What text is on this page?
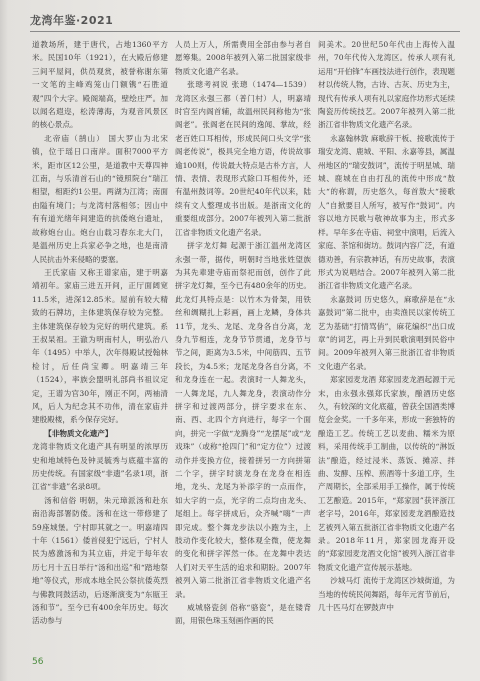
龙湾年鉴·2021

道教场所，建于唐代，占地1360平方米。民国10年（1921），在大殿后修建三间平屋间，供员观赏，被誉称谢东第一文笔的主峰鸡笼山门额镌“石胜道观”四个大字。殿阁端高，壁绘庄严。加以闻名遐迩，松涛薄海，为观音风景区的核心景点。

北帝庙（鹄山） 国大罗山为北宋镇，位于瑶日口南岸。面积7000平方米，距市区12公里，是道教中天尊四神江南，与乐清首石山的“镜照院台”瑞江相望，相距约1公里。两湖为江湾；南面由隘有境门；与龙湾村落相邻；因山中有有道光绪年间建造的抗倭炮台遗址，故称炮台山。炮台山载习春东北大门，是温州历史上兵家必争之地，也是南清人民抗击外来侵略的要塞。

王氏家庙 又称王谱家庙，建于明嘉靖初年。家庙三进五开间，正厅面阔宽11.5米，进深12.85米。屋前有较大精致的石牌坊，主体建筑保存较为完整。主体建筑保存较为完好的明代建筑。系王叔杲祖。王澈为明南村人，明弘治八年（1495）中举人，次年得殿试授翰林检讨，后任尚宝卿。明嘉靖三年（1524），率族会盟明礼部尚书祖议定定，王谱为官30年，刚正不阿，两袖清风，后人为纪念其不功伟，清在家庙并建殷殿楼，系今保存完好。

【非物质文化遗产】

龙湾非物质文化遗产具有明显的浓厚历史和地域特色及钟灵毓秀与底蕴丰富的历史传统。有国家级“非遗”名录1项，浙江省“非遗”名录8项。

汤和信俗 明朝，朱元璋派汤和赴东南沿海部署防倭。汤和在这一带修建了59座城堡。宁村即其就之一。明嘉靖四十年（1561）倭首侵犯宁远后，宁村人民为感激汤和为其立庙，并定于每年农历七月十五日举行“汤和出巡”和“踏地祭地”等仪式，形成本地全民公祭抗倭英烈与佛教同鼓活动，后逐渐演变为“东瓯王汤和节”。至今已有400余年历史。每次活动参与

人员上万人，所需费用全部由参与者自愿筹集。2008年被列入第二批国家级非物质文化遗产名录。

张璁考祠说 张璁（1474—1539）龙湾区永强三都（普门村）人，明嘉靖时官至内阁首辅，故温州民间称他为“张阁老”。张阁老在民间的逸闻、掌故，经老百姓口耳相传，形成民间口头文学“张阁老传说”，极具完全地方语，传说故事逾100则，传说最大特点是古朴方言，人情、表情、表现形式除口耳相传外，还有温州鼓词等。20世纪40年代以来，陆续有文人整理成书出版。是浙南文化的重要组成部分。2007年被列入第二批浙江省非物质文化遗产名录。

拼字龙灯舞 起源于浙江温州龙湾区永强一带，据传，明朝时当地张姓望族为其先辈建寺庙而祭祀而创，创作了此拼字龙灯舞，至今已有480余年的历史。此龙灯具特点是：以竹木为骨架，用铁丝和绸糊扎上彩画，画上龙鳞，身体共11节，龙头、龙尾、龙身各自分离，龙身九节相连，龙身节节贯通，龙身节与节之间，距离为3.5米，中间筋四、五节段长，为4.5米；龙尾龙身各自分离，不和龙身连在一起。表演时一人舞龙头，一人舞龙尾，九人舞龙身，表演动作分拼字和过渡两部分，拼字要求在东、南、西、北四个方向进行，每字一个面向，拼完一字做“龙腾身”“龙摆尾”或“龙戏珠”（或称“抢四门”和“定方位”）过渡动作并变换方位，接着拼另一方向拼第二个字，拼字时演龙身在龙身在相连地，龙头、龙尾为补添字的一点而作，如大字的一点，光字的二点均由龙头、尾组上。每字拼成后，众齐喊“嗨”一声即完成。整个舞龙步法以小跑为主，上肢动作变化较大，整体观全微，使龙舞的变化和拼字浑然一体。在龙舞中表达人们对天平生活的追求和期盼。2007年被列入第二批浙江省非物质文化遗产名录。

威城骆瓷剑 俗称“骆瓷”，是在镂背面，用银色珠玉刻画作画的民

间美术。20世纪50年代由上海传入温州，70年代传入龙湾区。传承人项有礼运用“开伯锋”车画技法进行创作，表现题材以传统人物，古诗、古灰、历史为主，现代有传承人项有礼以家庭作坊形式延续陶瓷历传统技艺。2007年被列入第二批浙江省非物质文化遗产名录。

永嘉翰林敦 麻歌辞干板、接歌流传于瑞安龙湾、鹿城、平阳、永嘉等县，属温州地区的“瑞安鼓词”，流传于明星城、瑞城、鹿城在自由打乱的流传中形成“敖大“的称谓，历史悠久，每首敖大“接歌人”自掀要目人所写，被写作“鼓词”。内容以地方民歌与敬神故事为主，形式多样。早年多在寺庙、祠堂中演唱，后流入家庭、茶馆和街坊。鼓词内容广泛，有道德劝善，有宗教神话，有历史故事，表演形式为说唱结合。2007年被列入第二批浙江省非物质文化遗产名录。

永嘉鼓词 历史悠久，麻歌辞是在“永嘉鼓词”第二批中，由卖渔民以家传统工艺为基础“打情骂俏”，麻花编织“出口成章”的词艺，再上升到民歌演唱到民俗中间。2009年被列入第三批浙江省非物质文化遗产名录。

郑家园麦龙酒 郑家园麦龙酒起源于元末，由永强永强郑氏家族，酿酒历史悠久，有较深的文化底蕴，曾获全国酒类博览会金奖。一千多年来，形成一套独特的酿造工艺。传统工艺以麦曲、糯米为原料，采用传统手工制曲，以传统的“淋饭法”酿造，经过浸米、蒸饭、摊凉、拌曲、发酵、压榨、煎酒等十多道工序，生产周期长，全部采用手工操作，属于传统工艺酿造。2015年，“郑家园”获评浙江老字号，2016年，郑家园麦龙酒酿造技艺被列入第五批浙江省非物质文化遗产名录。2018年11月，郑家园龙海开设的“郑家园麦龙酒文化馆”被列入浙江省非物质文化遗产宣传展示基地。

沙城马灯 流传于龙湾区沙城街道，为当地的传统民间舞蹈，每年元宵节前后，几十匹马灯在锣鼓声中

56
